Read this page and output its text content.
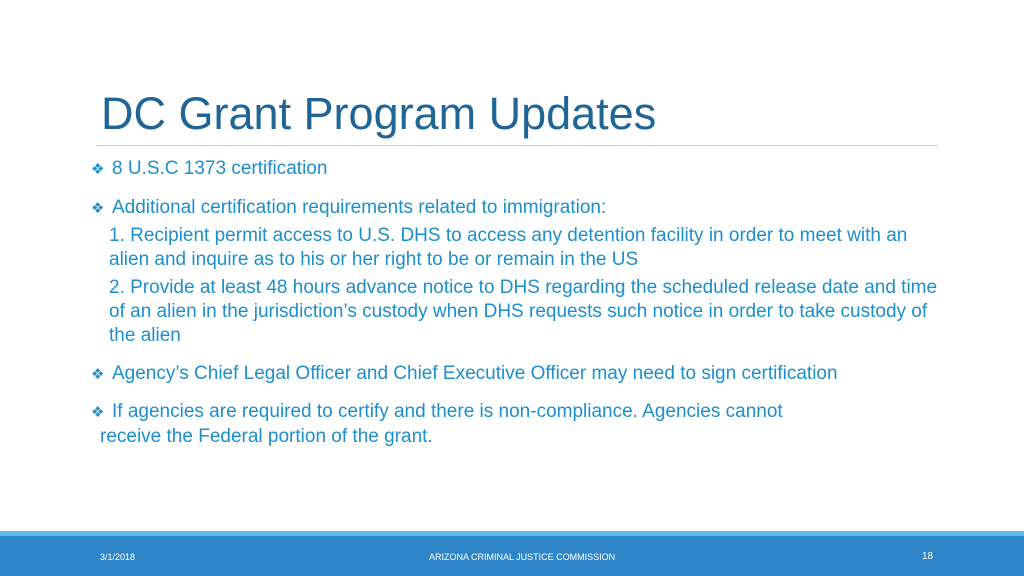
DC Grant Program Updates
❖ 8 U.S.C 1373 certification
❖ Additional certification requirements related to immigration:
1. Recipient permit access to U.S. DHS to access any detention facility in order to meet with an alien and inquire as to his or her right to be or remain in the US
2. Provide at least 48 hours advance notice to DHS regarding the scheduled release date and time of an alien in the jurisdiction’s custody when DHS requests such notice in order to take custody of the alien
❖ Agency’s Chief Legal Officer and Chief Executive Officer may need to sign certification
❖ If agencies are required to certify and there is non-compliance. Agencies cannot
receive the Federal portion of the grant.
3/1/2018	ARIZONA CRIMINAL JUSTICE COMMISSION	18
